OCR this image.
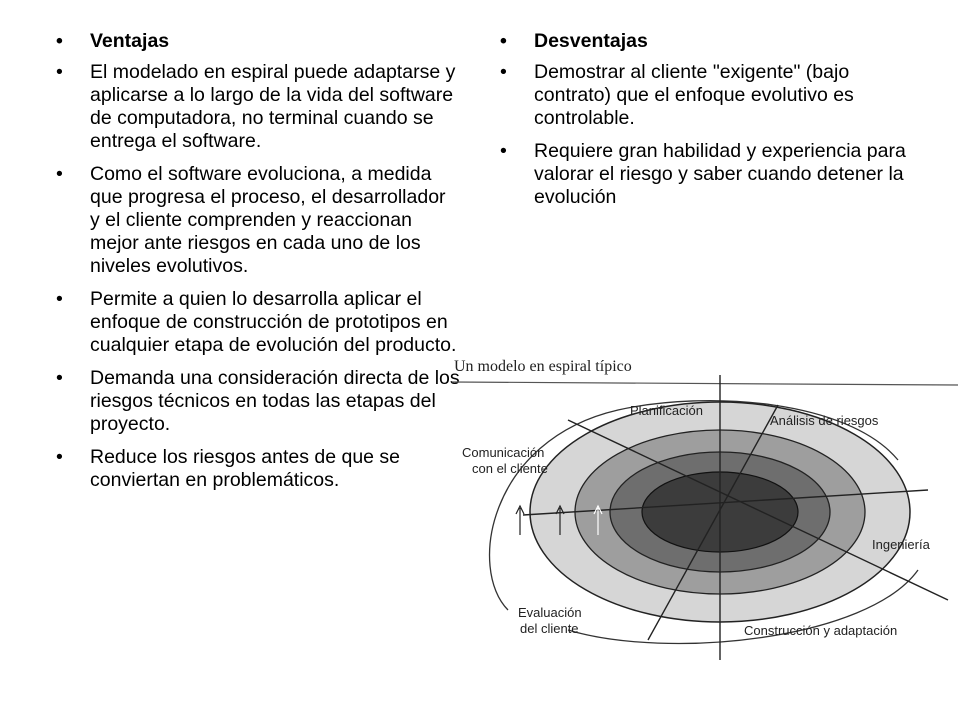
• Ventajas
• El modelado en espiral puede adaptarse y aplicarse a lo largo de la vida del software de computadora, no terminal cuando se entrega el software.
• Como el software evoluciona, a medida que progresa el proceso, el desarrollador y el cliente comprenden y reaccionan mejor ante riesgos en cada uno de los niveles evolutivos.
• Permite a quien lo desarrolla aplicar el enfoque de construcción de prototipos en cualquier etapa de evolución del producto.
• Demanda una consideración directa de los riesgos técnicos en todas las etapas del proyecto.
• Reduce los riesgos antes de que se conviertan en problemáticos.
• Desventajas
• Demostrar al cliente "exigente" (bajo contrato) que el enfoque evolutivo es controlable.
• Requiere gran habilidad y experiencia para valorar el riesgo y saber cuando detener la evolución
Un modelo en espiral típico
Planificación
Análisis de riesgos
Comunicación
con el cliente
Ingeniería
Evaluación
del cliente	Construcción y adaptación
